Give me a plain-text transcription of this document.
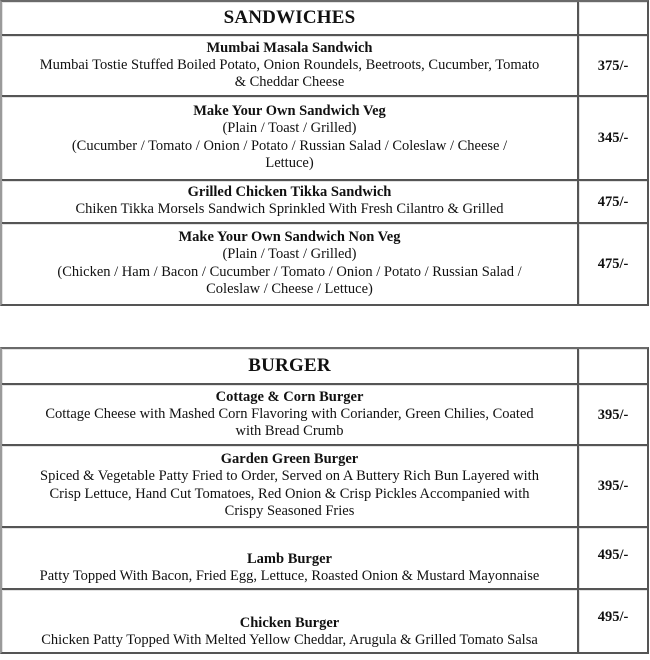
SANDWICHES	

Mumbai Masala Sandwich
Mumbai Tostie Stuffed Boiled Potato, Onion Roundels, Beetroots, Cucumber, Tomato
& Cheddar Cheese	375/-

Make Your Own Sandwich Veg
(Plain / Toast / Grilled)
(Cucumber / Tomato / Onion / Potato / Russian Salad / Coleslaw / Cheese /
Lettuce)	345/-

Grilled Chicken Tikka Sandwich
Chiken Tikka Morsels Sandwich Sprinkled With Fresh Cilantro & Grilled	475/-

Make Your Own Sandwich Non Veg
(Plain / Toast / Grilled)
(Chicken / Ham / Bacon / Cucumber / Tomato / Onion / Potato / Russian Salad /
Coleslaw / Cheese / Lettuce)	475/-
BURGER	

Cottage & Corn Burger
Cottage Cheese with Mashed Corn Flavoring with Coriander, Green Chilies, Coated
with Bread Crumb	395/-

Garden Green Burger
Spiced & Vegetable Patty Fried to Order, Served on A Buttery Rich Bun Layered with
Crisp Lettuce, Hand Cut Tomatoes, Red Onion & Crisp Pickles Accompanied with
Crispy Seasoned Fries	395/-

Lamb Burger
Patty Topped With Bacon, Fried Egg, Lettuce, Roasted Onion & Mustard Mayonnaise	495/-

Chicken Burger
Chicken Patty Topped With Melted Yellow Cheddar, Arugula & Grilled Tomato Salsa	495/-
